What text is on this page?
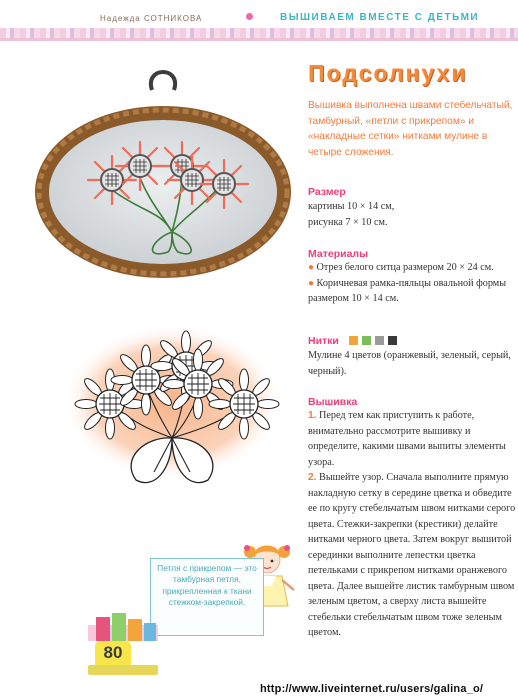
Надежда СОТНИКОВА	ВЫШИВАЕМ ВМЕСТЕ С ДЕТЬМИ
Подсолнухи
Вышивка выполнена швами стебельчатый, тамбурный, «петли с прикрепом» и «накладные сетки» нитками мулине в четыре сложения.
Размер
картины 10 × 14 см,
рисунка 7 × 10 см.
Материалы
● Отрез белого ситца размером 20 × 24 см.
● Коричневая рамка-пяльцы овальной формы размером 10 × 14 см.
Нитки
Мулине 4 цветов (оранжевый, зеленый, серый, черный).
Вышивка
1. Перед тем как приступить к работе, внимательно рассмотрите вышивку и определите, какими швами выпиты элементы узора.
2. Вышейте узор. Сначала выполните прямую накладную сетку в середине цветка и обведите ее по кругу стебельчатым швом нитками серого цвета. Стежки-закрепки (крестики) делайте нитками черного цвета. Затем вокруг вышитой серединки выполните лепестки цветка петельками с прикрепом нитками оранжевого цвета. Далее вышейте листик тамбурным швом зеленым цветом, а сверху листа вышейте стебельки стебельчатым швом тоже зеленым цветом.
Петля с прикрепом — это тамбурная петля, прикрепленная к ткани стежком-закрепкой.
80
http://www.liveinternet.ru/users/galina_o/
